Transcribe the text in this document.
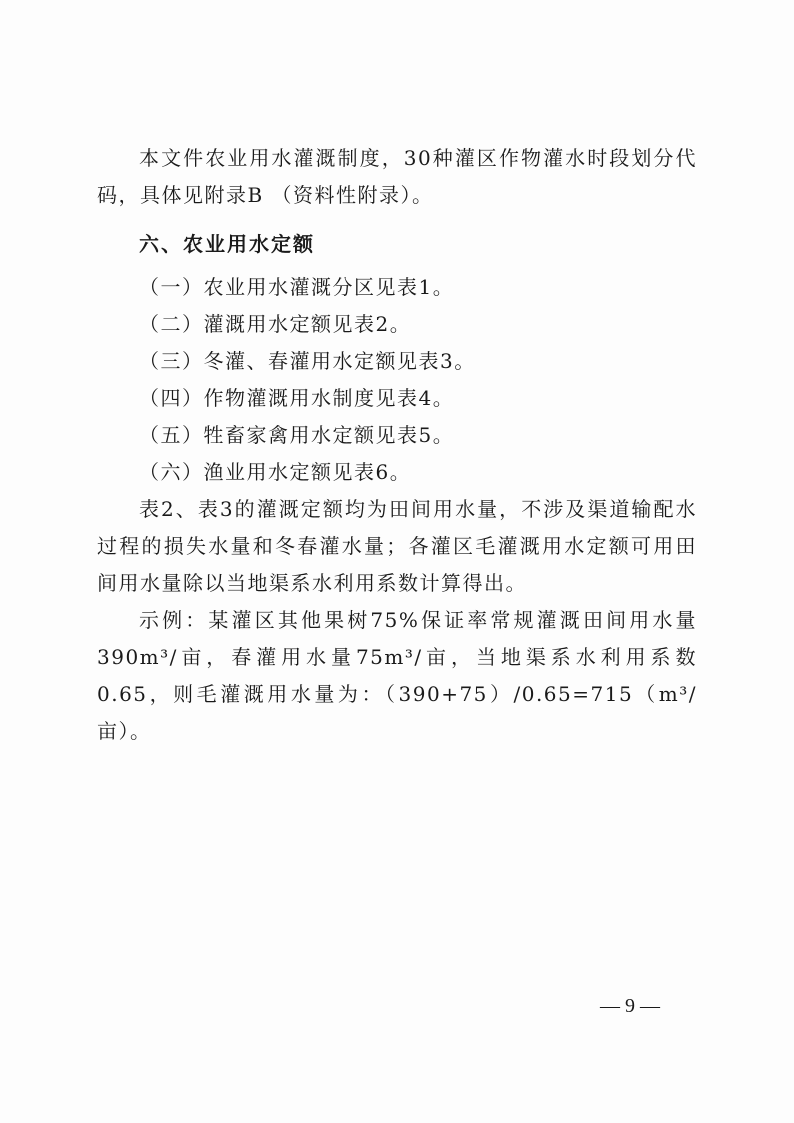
本文件农业用水灌溉制度，30种灌区作物灌水时段划分代码，具体见附录B （资料性附录）。

六、农业用水定额

（一）农业用水灌溉分区见表1。

（二）灌溉用水定额见表2。

（三）冬灌、春灌用水定额见表3。

（四）作物灌溉用水制度见表4。

（五）牲畜家禽用水定额见表5。

（六）渔业用水定额见表6。

表2、表3的灌溉定额均为田间用水量，不涉及渠道输配水过程的损失水量和冬春灌水量；各灌区毛灌溉用水定额可用田间用水量除以当地渠系水利用系数计算得出。

示例：某灌区其他果树75%保证率常规灌溉田间用水量390m³/亩，春灌用水量75m³/亩，当地渠系水利用系数0.65，则毛灌溉用水量为：（390+75）/0.65=715（m³/亩）。

— 9 —
